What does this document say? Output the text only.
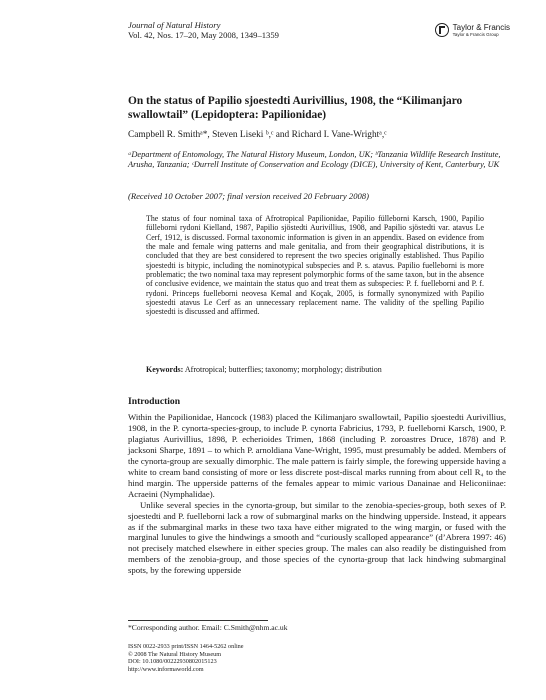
Journal of Natural History
Vol. 42, Nos. 17–20, May 2008, 1349–1359
Taylor & Francis
Taylor & Francis Group
On the status of Papilio sjoestedti Aurivillius, 1908, the “Kilimanjaro swallowtail” (Lepidoptera: Papilionidae)
Campbell R. Smithᵃ*, Steven Liseki ᵇ,ᶜ and Richard I. Vane-Wrightᵃ,ᶜ
ᵃDepartment of Entomology, The Natural History Museum, London, UK; ᵇTanzania Wildlife Research Institute, Arusha, Tanzania; ᶜDurrell Institute of Conservation and Ecology (DICE), University of Kent, Canterbury, UK
(Received 10 October 2007; final version received 20 February 2008)
The status of four nominal taxa of Afrotropical Papilionidae, Papilio fülleborni Karsch, 1900, Papilio fülleborni rydoni Kielland, 1987, Papilio sjöstedti Aurivillius, 1908, and Papilio sjöstedti var. atavus Le Cerf, 1912, is discussed. Formal taxonomic information is given in an appendix. Based on evidence from the male and female wing patterns and male genitalia, and from their geographical distributions, it is concluded that they are best considered to represent the two species originally established. Thus Papilio sjoestedti is bitypic, including the nominotypical subspecies and P. s. atavus. Papilio fuelleborni is more problematic; the two nominal taxa may represent polymorphic forms of the same taxon, but in the absence of conclusive evidence, we maintain the status quo and treat them as subspecies: P. f. fuelleborni and P. f. rydoni. Princeps fuelleborni neovesa Kemal and Koçak, 2005, is formally synonymized with Papilio sjoestedti atavus Le Cerf as an unnecessary replacement name. The validity of the spelling Papilio sjoestedti is discussed and affirmed.
Keywords: Afrotropical; butterflies; taxonomy; morphology; distribution
Introduction

Within the Papilionidae, Hancock (1983) placed the Kilimanjaro swallowtail, Papilio sjoestedti Aurivillius, 1908, in the P. cynorta-species-group, to include P. cynorta Fabricius, 1793, P. fuelleborni Karsch, 1900, P. plagiatus Aurivillius, 1898, P. echerioides Trimen, 1868 (including P. zoroastres Druce, 1878) and P. jacksoni Sharpe, 1891 – to which P. arnoldiana Vane-Wright, 1995, must presumably be added. Members of the cynorta-group are sexually dimorphic. The male pattern is fairly simple, the forewing upperside having a white to cream band consisting of more or less discrete post-discal marks running from about cell R₄ to the hind margin. The upperside patterns of the females appear to mimic various Danainae and Heliconiinae: Acraeini (Nymphalidae).

Unlike several species in the cynorta-group, but similar to the zenobia-species-group, both sexes of P. sjoestedti and P. fuelleborni lack a row of submarginal marks on the hindwing upperside. Instead, it appears as if the submarginal marks in these two taxa have either migrated to the wing margin, or fused with the marginal lunules to give the hindwings a smooth and “curiously scalloped appearance” (d’Abrera 1997: 46) not precisely matched elsewhere in either species group. The males can also readily be distinguished from members of the zenobia-group, and those species of the cynorta-group that lack hindwing submarginal spots, by the forewing upperside

*Corresponding author. Email: C.Smith@nhm.ac.uk
ISSN 0022-2933 print/ISSN 1464-5262 online
© 2008 The Natural History Museum
DOI: 10.1080/00222930802015123
http://www.informaworld.com
